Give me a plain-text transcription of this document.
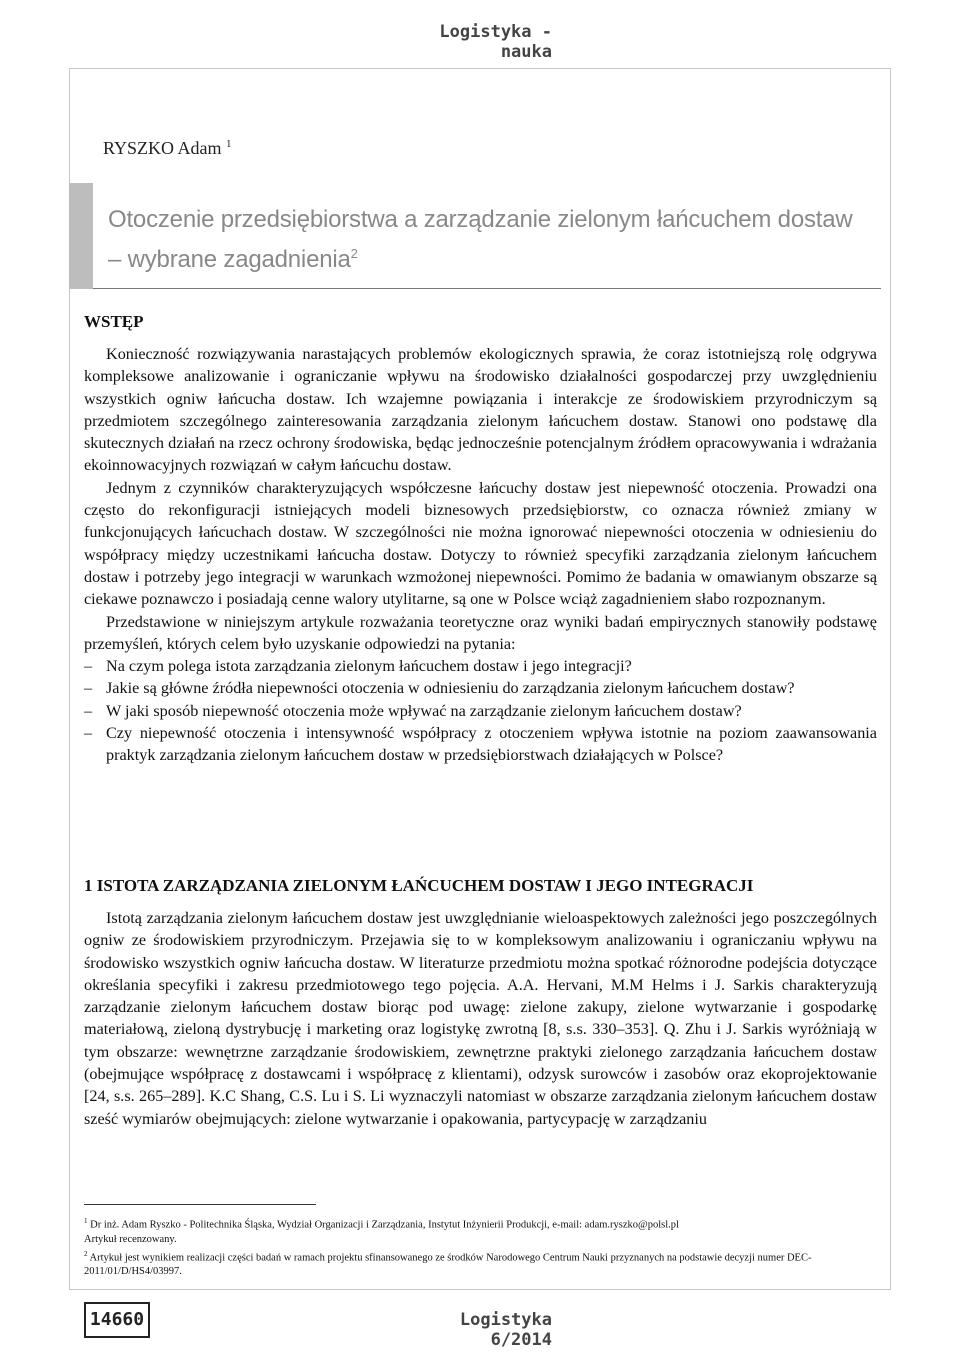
Logistyka - nauka
RYSZKO Adam $^1$
Otoczenie przedsiębiorstwa a zarządzanie zielonym łańcuchem dostaw
– wybrane zagadnienia$^2$
WSTĘP

Konieczność rozwiązywania narastających problemów ekologicznych sprawia, że coraz istotniejszą rolę odgrywa kompleksowe analizowanie i ograniczanie wpływu na środowisko działalności gospodarczej przy uwzględnieniu wszystkich ogniw łańcucha dostaw. Ich wzajemne powiązania i interakcje ze środowiskiem przyrodniczym są przedmiotem szczególnego zainteresowania zarządzania zielonym łańcuchem dostaw. Stanowi ono podstawę dla skutecznych działań na rzecz ochrony środowiska, będąc jednocześnie potencjalnym źródłem opracowywania i wdrażania ekoinnowacyjnych rozwiązań w całym łańcuchu dostaw.

Jednym z czynników charakteryzujących współczesne łańcuchy dostaw jest niepewność otoczenia. Prowadzi ona często do rekonfiguracji istniejących modeli biznesowych przedsiębiorstw, co oznacza również zmiany w funkcjonujących łańcuchach dostaw. W szczególności nie można ignorować niepewności otoczenia w odniesieniu do współpracy między uczestnikami łańcucha dostaw. Dotyczy to również specyfiki zarządzania zielonym łańcuchem dostaw i potrzeby jego integracji w warunkach wzmożonej niepewności. Pomimo że badania w omawianym obszarze są ciekawe poznawczo i posiadają cenne walory utylitarne, są one w Polsce wciąż zagadnieniem słabo rozpoznanym.

Przedstawione w niniejszym artykule rozważania teoretyczne oraz wyniki badań empirycznych stanowiły podstawę przemyśleń, których celem było uzyskanie odpowiedzi na pytania:

– Na czym polega istota zarządzania zielonym łańcuchem dostaw i jego integracji?
– Jakie są główne źródła niepewności otoczenia w odniesieniu do zarządzania zielonym łańcuchem dostaw?
– W jaki sposób niepewność otoczenia może wpływać na zarządzanie zielonym łańcuchem dostaw?
– Czy niepewność otoczenia i intensywność współpracy z otoczeniem wpływa istotnie na poziom zaawansowania praktyk zarządzania zielonym łańcuchem dostaw w przedsiębiorstwach działających w Polsce?
1 ISTOTA ZARZĄDZANIA ZIELONYM ŁAŃCUCHEM DOSTAW I JEGO INTEGRACJI

Istotą zarządzania zielonym łańcuchem dostaw jest uwzględnianie wieloaspektowych zależności jego poszczególnych ogniw ze środowiskiem przyrodniczym. Przejawia się to w kompleksowym analizowaniu i ograniczaniu wpływu na środowisko wszystkich ogniw łańcucha dostaw. W literaturze przedmiotu można spotkać różnorodne podejścia dotyczące określania specyfiki i zakresu przedmiotowego tego pojęcia. A.A. Hervani, M.M Helms i J. Sarkis charakteryzują zarządzanie zielonym łańcuchem dostaw biorąc pod uwagę: zielone zakupy, zielone wytwarzanie i gospodarkę materiałową, zieloną dystrybucję i marketing oraz logistykę zwrotną [8, s.s. 330–353]. Q. Zhu i J. Sarkis wyróżniają w tym obszarze: wewnętrzne zarządzanie środowiskiem, zewnętrzne praktyki zielonego zarządzania łańcuchem dostaw (obejmujące współpracę z dostawcami i współpracę z klientami), odzysk surowców i zasobów oraz ekoprojektowanie [24, s.s. 265–289]. K.C Shang, C.S. Lu i S. Li wyznaczyli natomiast w obszarze zarządzania zielonym łańcuchem dostaw sześć wymiarów obejmujących: zielone wytwarzanie i opakowania, partycypację w zarządzaniu

$^1$ Dr inż. Adam Ryszko - Politechnika Śląska, Wydział Organizacji i Zarządzania, Instytut Inżynierii Produkcji, e-mail: adam.ryszko@polsl.pl

Artykuł recenzowany.

$^2$ Artykuł jest wynikiem realizacji części badań w ramach projektu sfinansowanego ze środków Narodowego Centrum Nauki przyznanych na podstawie decyzji numer DEC-2011/01/D/HS4/03997.

14660	Logistyka 6/2014
